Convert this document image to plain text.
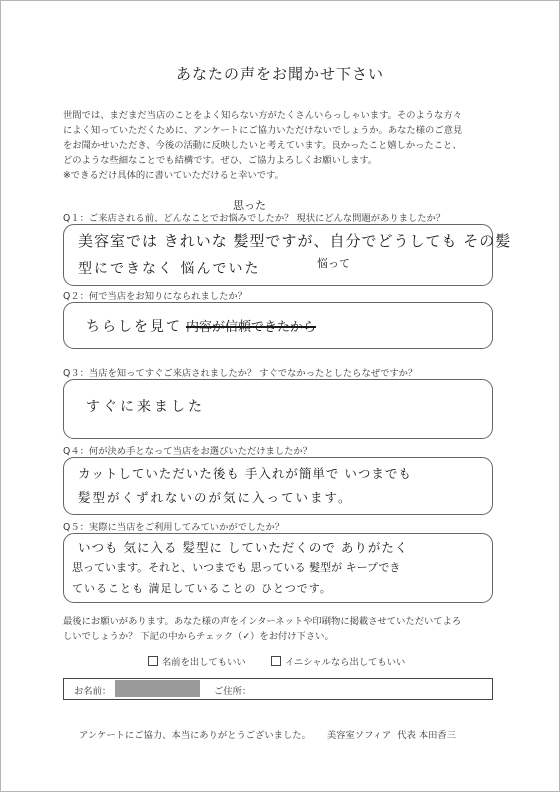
あなたの声をお聞かせ下さい

世間では、まだまだ当店のことをよく知らない方がたくさんいらっしゃいます。そのような方々

によく知っていただくために、アンケートにご協力いただけないでしょうか。あなた様のご意見

をお聞かせいただき、今後の活動に反映したいと考えています。良かったこと嬉しかったこと、

どのような些細なことでも結構です。ぜひ、ご協力よろしくお願いします。

※できるだけ具体的に書いていただけると幸いです。

Q１：ご来店される前、どんなことでお悩みでしたか？ 現状にどんな問題がありましたか？
美容室では きれいな 髪型ですが、自分でどうしても その髪
型にできなく 悩んでいた
思った
悩って
Q２：何で当店をお知りになられましたか？
ちらしを見て 内容が信頼できたから
Q３：当店を知ってすぐご来店されましたか？ すぐでなかったとしたらなぜですか？
すぐに来ました
Q４：何が決め手となって当店をお選びいただけましたか？
カットしていただいた後も 手入れが簡単で いつまでも
髪型がくずれないのが気に入っています。
Q５：実際に当店をご利用してみていかがでしたか？
いつも 気に入る 髪型に していただくので ありがたく
思っています。それと、いつまでも 思っている 髪型が キープでき
ていることも 満足していることの ひとつです。

最後にお願いがあります。あなた様の声をインターネットや印刷物に掲載させていただいてよろ

しいでしょうか？ 下記の中からチェック（✓）をお付け下さい。

名前を出してもいい	イニシャルなら出してもいい
お名前：	ご住所：
アンケートにご協力、本当にありがとうございました。 美容室ソフィア 代表 本田香三
